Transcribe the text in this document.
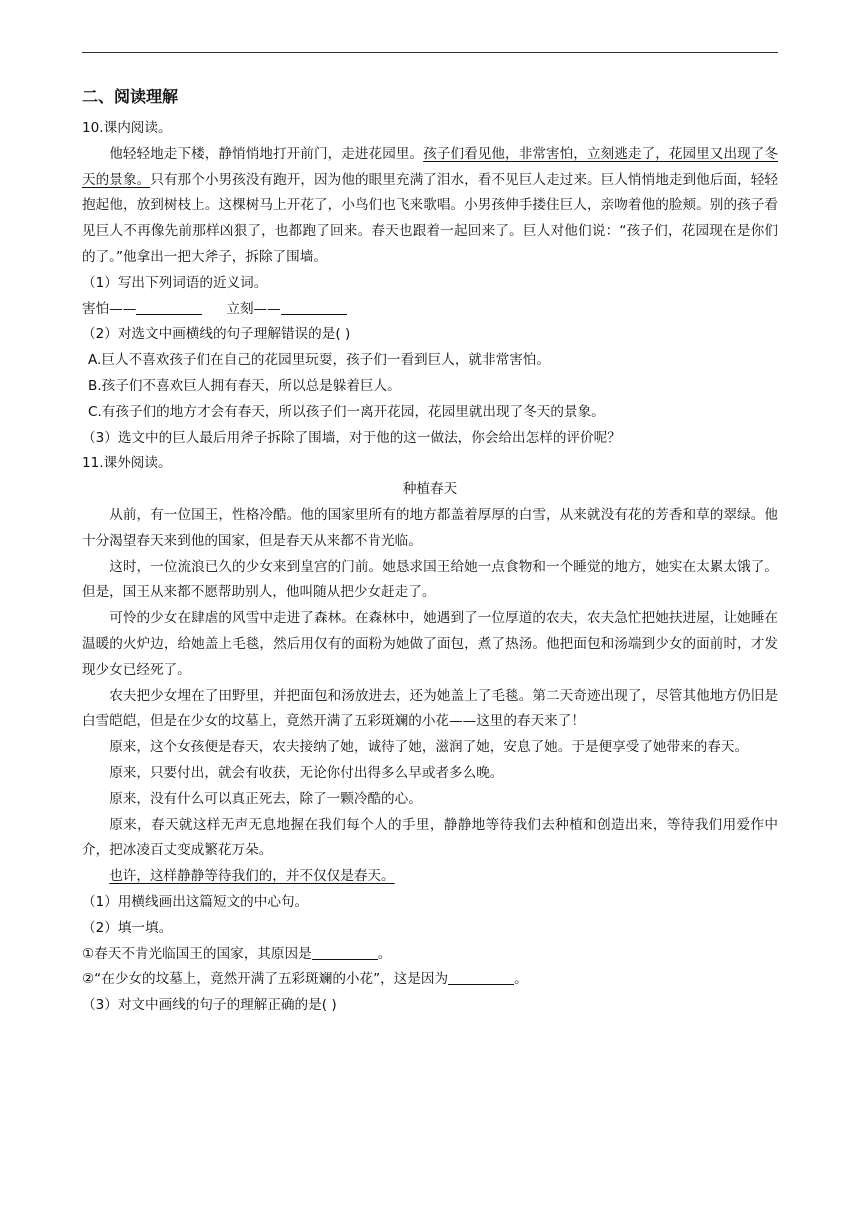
二、阅读理解

10.课内阅读。

他轻轻地走下楼，静悄悄地打开前门，走进花园里。孩子们看见他，非常害怕，立刻逃走了，花园里又出现了冬天的景象。只有那个小男孩没有跑开，因为他的眼里充满了泪水，看不见巨人走过来。巨人悄悄地走到他后面，轻轻抱起他，放到树枝上。这棵树马上开花了，小鸟们也飞来歌唱。小男孩伸手搂住巨人，亲吻着他的脸颊。别的孩子看见巨人不再像先前那样凶狠了，也都跑了回来。春天也跟着一起回来了。巨人对他们说：“孩子们，花园现在是你们的了。”他拿出一把大斧子，拆除了围墙。

（1）写出下列词语的近义词。

害怕——	立刻——

（2）对选文中画横线的句子理解错误的是( )

A.巨人不喜欢孩子们在自己的花园里玩耍，孩子们一看到巨人，就非常害怕。

B.孩子们不喜欢巨人拥有春天，所以总是躲着巨人。

C.有孩子们的地方才会有春天，所以孩子们一离开花园，花园里就出现了冬天的景象。

（3）选文中的巨人最后用斧子拆除了围墙，对于他的这一做法，你会给出怎样的评价呢？

11.课外阅读。

种植春天

从前，有一位国王，性格冷酷。他的国家里所有的地方都盖着厚厚的白雪，从来就没有花的芳香和草的翠绿。他十分渴望春天来到他的国家，但是春天从来都不肯光临。

这时，一位流浪已久的少女来到皇宫的门前。她恳求国王给她一点食物和一个睡觉的地方，她实在太累太饿了。但是，国王从来都不愿帮助别人，他叫随从把少女赶走了。

可怜的少女在肆虐的风雪中走进了森林。在森林中，她遇到了一位厚道的农夫，农夫急忙把她扶进屋，让她睡在温暖的火炉边，给她盖上毛毯，然后用仅有的面粉为她做了面包，煮了热汤。他把面包和汤端到少女的面前时，才发现少女已经死了。

农夫把少女埋在了田野里，并把面包和汤放进去，还为她盖上了毛毯。第二天奇迹出现了，尽管其他地方仍旧是白雪皑皑，但是在少女的坟墓上，竟然开满了五彩斑斓的小花——这里的春天来了！

原来，这个女孩便是春天，农夫接纳了她，诚待了她，滋润了她，安息了她。于是便享受了她带来的春天。

原来，只要付出，就会有收获，无论你付出得多么早或者多么晚。

原来，没有什么可以真正死去，除了一颗冷酷的心。

原来，春天就这样无声无息地握在我们每个人的手里，静静地等待我们去种植和创造出来，等待我们用爱作中介，把冰凌百丈变成繁花万朵。

也许，这样静静等待我们的，并不仅仅是春天。

（1）用横线画出这篇短文的中心句。

（2）填一填。

①春天不肯光临国王的国家，其原因是	。

②“在少女的坟墓上，竟然开满了五彩斑斓的小花”，这是因为	。

（3）对文中画线的句子的理解正确的是( )
